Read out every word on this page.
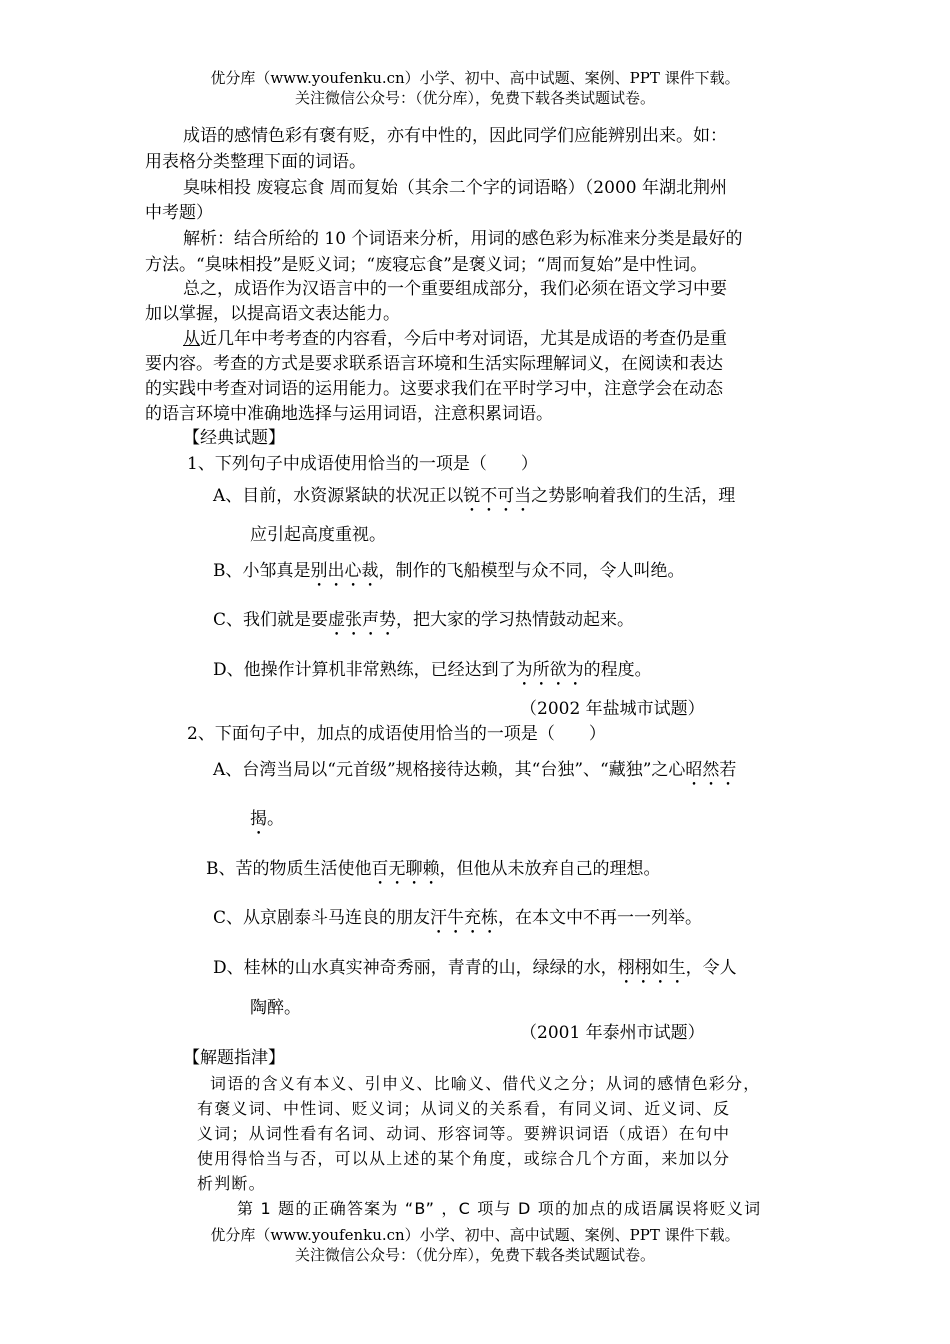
优分库（www.youfenku.cn）小学、初中、高中试题、案例、PPT 课件下载。
关注微信公众号：（优分库），免费下载各类试题试卷。
成语的感情色彩有褒有贬，亦有中性的，因此同学们应能辨别出来。如：
用表格分类整理下面的词语。
臭味相投 废寝忘食 周而复始（其余二个字的词语略）（2000 年湖北荆州
中考题）
解析：结合所给的 10 个词语来分析，用词的感色彩为标准来分类是最好的
方法。“臭味相投”是贬义词；“废寝忘食”是褒义词；“周而复始”是中性词。
总之，成语作为汉语言中的一个重要组成部分，我们必须在语文学习中要
加以掌握，以提高语文表达能力。
从近几年中考考查的内容看，今后中考对词语，尤其是成语的考查仍是重
要内容。考查的方式是要求联系语言环境和生活实际理解词义，在阅读和表达
的实践中考查对词语的运用能力。这要求我们在平时学习中，注意学会在动态
的语言环境中准确地选择与运用词语，注意积累词语。
【经典试题】
1、下列句子中成语使用恰当的一项是（　　）
A、目前，水资源紧缺的状况正以锐不可当之势影响着我们的生活，理
应引起高度重视。
B、小邹真是别出心裁，制作的飞船模型与众不同，令人叫绝。
C、我们就是要虚张声势，把大家的学习热情鼓动起来。
D、他操作计算机非常熟练，已经达到了为所欲为的程度。
（2002 年盐城市试题）
2、下面句子中，加点的成语使用恰当的一项是（　　）
A、台湾当局以“元首级”规格接待达赖，其“台独”、“藏独”之心昭然若
揭。
B、苦的物质生活使他百无聊赖，但他从未放弃自己的理想。
C、从京剧泰斗马连良的朋友汗牛充栋，在本文中不再一一列举。
D、桂林的山水真实神奇秀丽，青青的山，绿绿的水，栩栩如生，令人
陶醉。
（2001 年泰州市试题）
【解题指津】
词语的含义有本义、引申义、比喻义、借代义之分；从词的感情色彩分，
有褒义词、中性词、贬义词；从词义的关系看，有同义词、近义词、反
义词；从词性看有名词、动词、形容词等。要辨识词语（成语）在句中
使用得恰当与否，可以从上述的某个角度，或综合几个方面，来加以分
析判断。
第 1 题的正确答案为 “B” ，C 项与 D 项的加点的成语属误将贬义词
优分库（www.youfenku.cn）小学、初中、高中试题、案例、PPT 课件下载。
关注微信公众号：（优分库），免费下载各类试题试卷。
